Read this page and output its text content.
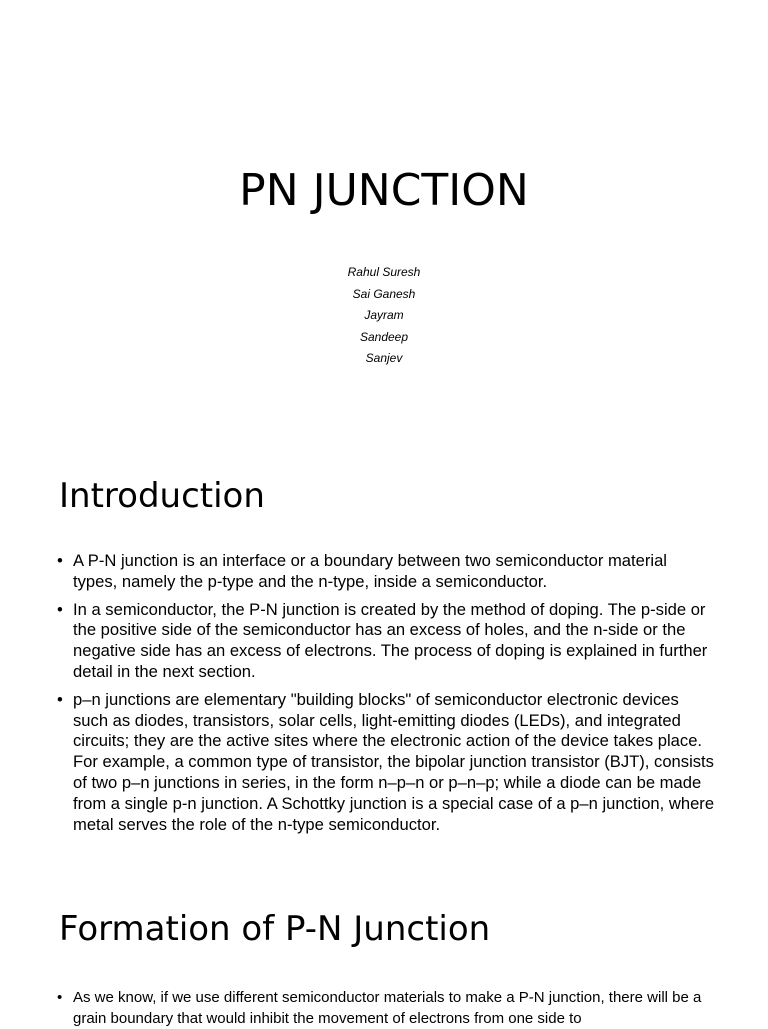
PN JUNCTION
Rahul Suresh
Sai Ganesh
Jayram
Sandeep
Sanjev
Introduction
• A P-N junction is an interface or a boundary between two semiconductor material types, namely the p-type and the n-type, inside a semiconductor.
• In a semiconductor, the P-N junction is created by the method of doping. The p-side or the positive side of the semiconductor has an excess of holes, and the n-side or the negative side has an excess of electrons. The process of doping is explained in further detail in the next section.
• p–n junctions are elementary "building blocks" of semiconductor electronic devices such as diodes, transistors, solar cells, light-emitting diodes (LEDs), and integrated circuits; they are the active sites where the electronic action of the device takes place. For example, a common type of transistor, the bipolar junction transistor (BJT), consists of two p–n junctions in series, in the form n–p–n or p–n–p; while a diode can be made from a single p-n junction. A Schottky junction is a special case of a p–n junction, where metal serves the role of the n-type semiconductor.
Formation of P-N Junction
• As we know, if we use different semiconductor materials to make a P-N junction, there will be a grain boundary that would inhibit the movement of electrons from one side to
